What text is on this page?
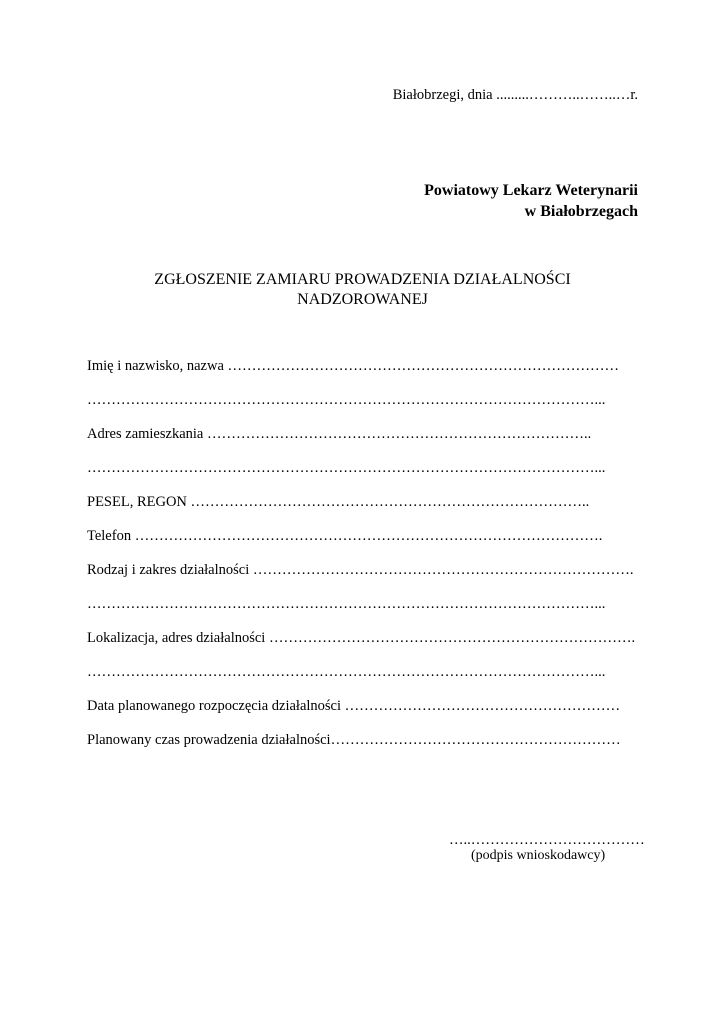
Białobrzegi, dnia .........………..……..…r.
Powiatowy Lekarz Weterynarii
w Białobrzegach
ZGŁOSZENIE ZAMIARU PROWADZENIA DZIAŁALNOŚCI
NADZOROWANEJ
Imię i nazwisko, nazwa ………………………………………………………………………
……………………………………………………………………………………………...
Adres zamieszkania ……………………………………………………………………..
……………………………………………………………………………………………...
PESEL, REGON ………………………………………………………………………..
Telefon …………………………………………………………………………………….
Rodzaj i zakres działalności …………………………………………………………………….
……………………………………………………………………………………………...
Lokalizacja, adres działalności ………………………………………………………………….
……………………………………………………………………………………………...
Data planowanego rozpoczęcia działalności …………………………………………………
Planowany czas prowadzenia działalności……………………………………………………
…..………………………………
(podpis wnioskodawcy)
